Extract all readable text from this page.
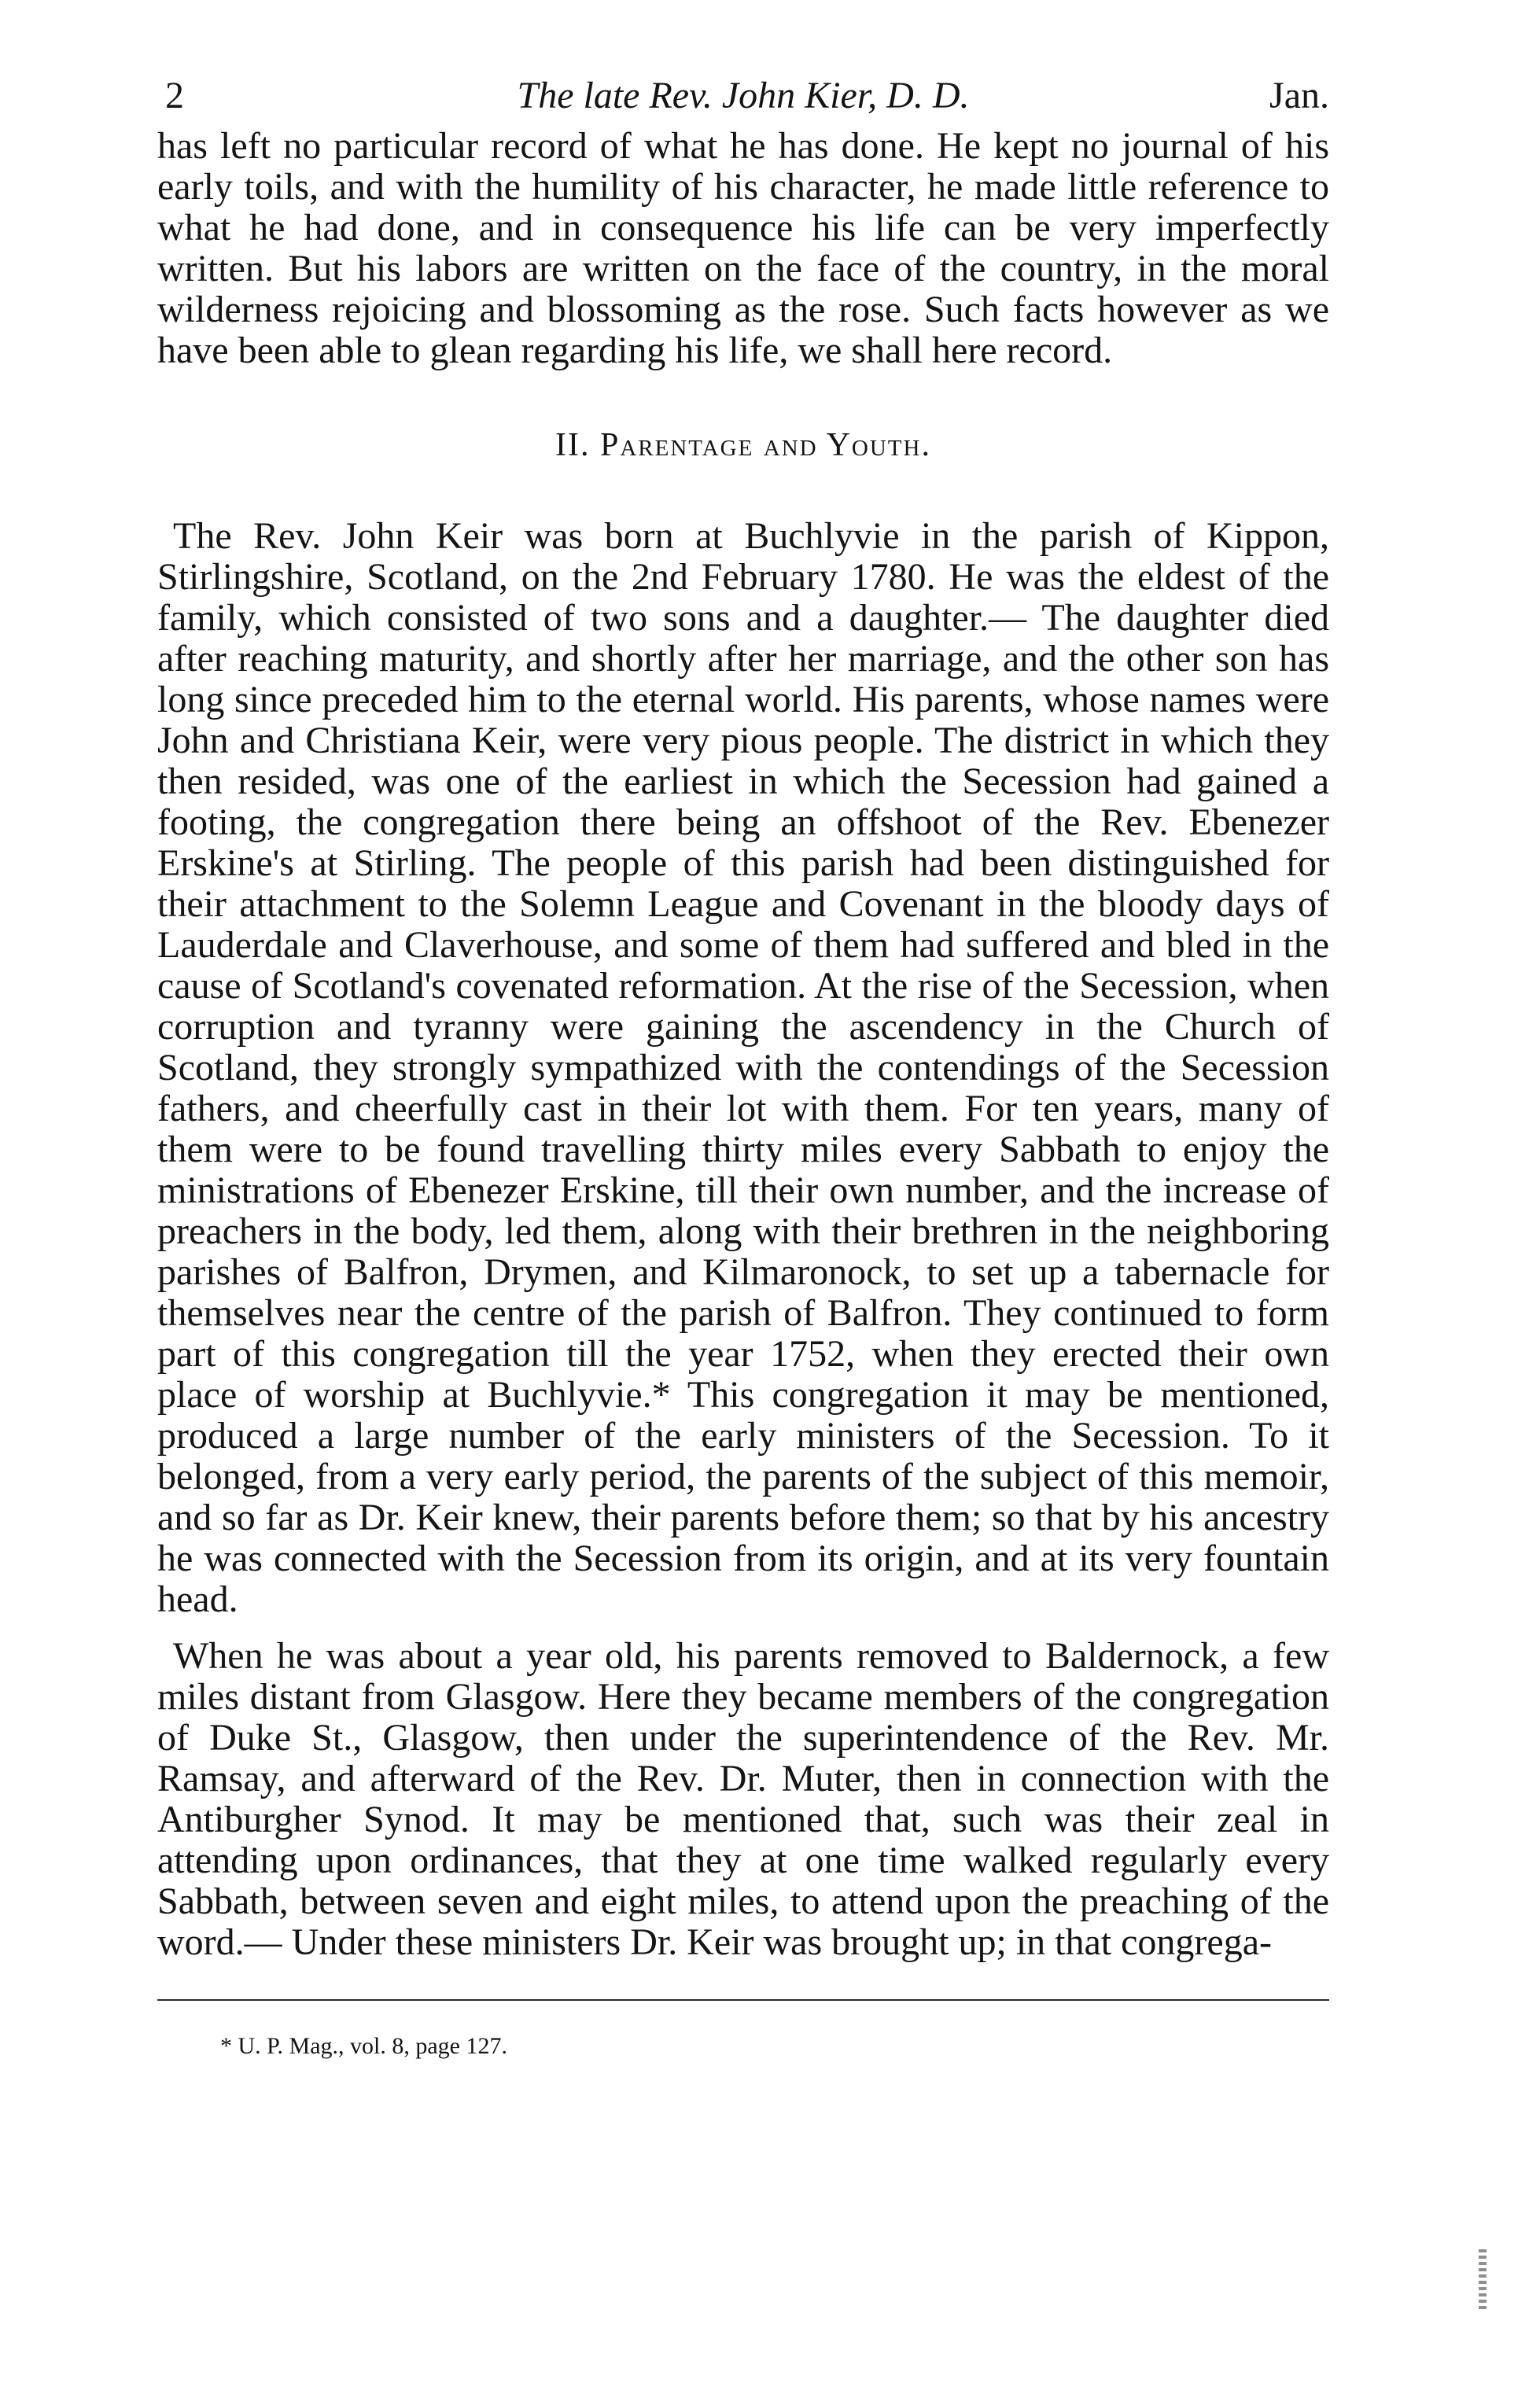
2	The late Rev. John Kier, D. D.	Jan.

has left no particular record of what he has done. He kept no journal of his early toils, and with the humility of his character, he made little reference to what he had done, and in consequence his life can be very imperfectly written. But his labors are written on the face of the country, in the moral wilderness rejoicing and blossoming as the rose. Such facts however as we have been able to glean regarding his life, we shall here record.

II. Parentage and Youth.

The Rev. John Keir was born at Buchlyvie in the parish of Kippon, Stirlingshire, Scotland, on the 2nd February 1780. He was the eldest of the family, which consisted of two sons and a daughter.— The daughter died after reaching maturity, and shortly after her marriage, and the other son has long since preceded him to the eternal world. His parents, whose names were John and Christiana Keir, were very pious people. The district in which they then resided, was one of the earliest in which the Secession had gained a footing, the congregation there being an offshoot of the Rev. Ebenezer Erskine's at Stirling. The people of this parish had been distinguished for their attachment to the Solemn League and Covenant in the bloody days of Lauderdale and Claverhouse, and some of them had suffered and bled in the cause of Scotland's covenated reformation. At the rise of the Secession, when corruption and tyranny were gaining the ascendency in the Church of Scotland, they strongly sympathized with the contendings of the Secession fathers, and cheerfully cast in their lot with them. For ten years, many of them were to be found travelling thirty miles every Sabbath to enjoy the ministrations of Ebenezer Erskine, till their own number, and the increase of preachers in the body, led them, along with their brethren in the neighboring parishes of Balfron, Drymen, and Kilmaronock, to set up a tabernacle for themselves near the centre of the parish of Balfron. They continued to form part of this congregation till the year 1752, when they erected their own place of worship at Buchlyvie.* This congregation it may be mentioned, produced a large number of the early ministers of the Secession. To it belonged, from a very early period, the parents of the subject of this memoir, and so far as Dr. Keir knew, their parents before them; so that by his ancestry he was connected with the Secession from its origin, and at its very fountain head.

When he was about a year old, his parents removed to Baldernock, a few miles distant from Glasgow. Here they became members of the congregation of Duke St., Glasgow, then under the superintendence of the Rev. Mr. Ramsay, and afterward of the Rev. Dr. Muter, then in connection with the Antiburgher Synod. It may be mentioned that, such was their zeal in attending upon ordinances, that they at one time walked regularly every Sabbath, between seven and eight miles, to attend upon the preaching of the word.— Under these ministers Dr. Keir was brought up; in that congrega-

* U. P. Mag., vol. 8, page 127.
